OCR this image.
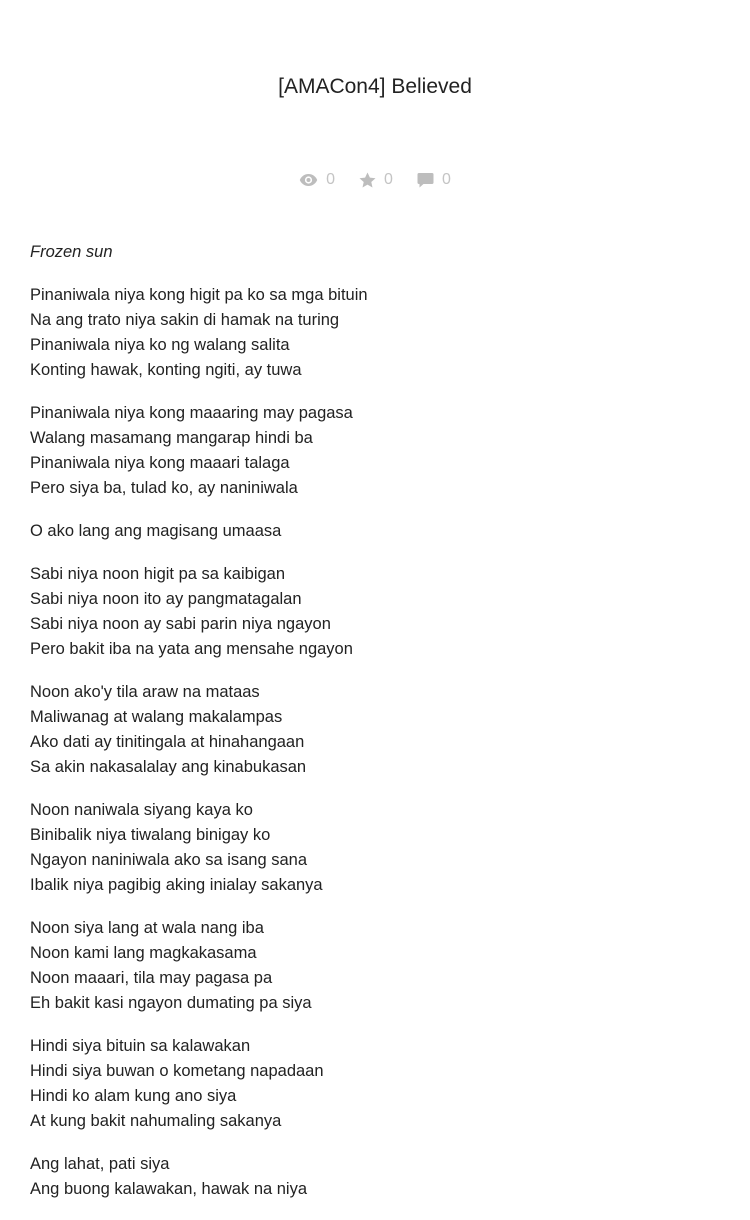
[AMACon4] Believed
0	0	0

Frozen sun

Pinaniwala niya kong higit pa ko sa mga bituin
Na ang trato niya sakin di hamak na turing
Pinaniwala niya ko ng walang salita
Konting hawak, konting ngiti, ay tuwa

Pinaniwala niya kong maaaring may pagasa
Walang masamang mangarap hindi ba
Pinaniwala niya kong maaari talaga
Pero siya ba, tulad ko, ay naniniwala

O ako lang ang magisang umaasa

Sabi niya noon higit pa sa kaibigan
Sabi niya noon ito ay pangmatagalan
Sabi niya noon ay sabi parin niya ngayon
Pero bakit iba na yata ang mensahe ngayon

Noon ako'y tila araw na mataas
Maliwanag at walang makalampas
Ako dati ay tinitingala at hinahangaan
Sa akin nakasalalay ang kinabukasan

Noon naniwala siyang kaya ko
Binibalik niya tiwalang binigay ko
Ngayon naniniwala ako sa isang sana
Ibalik niya pagibig aking inialay sakanya

Noon siya lang at wala nang iba
Noon kami lang magkakasama
Noon maaari, tila may pagasa pa
Eh bakit kasi ngayon dumating pa siya

Hindi siya bituin sa kalawakan
Hindi siya buwan o kometang napadaan
Hindi ko alam kung ano siya
At kung bakit nahumaling sakanya

Ang lahat, pati siya
Ang buong kalawakan, hawak na niya
